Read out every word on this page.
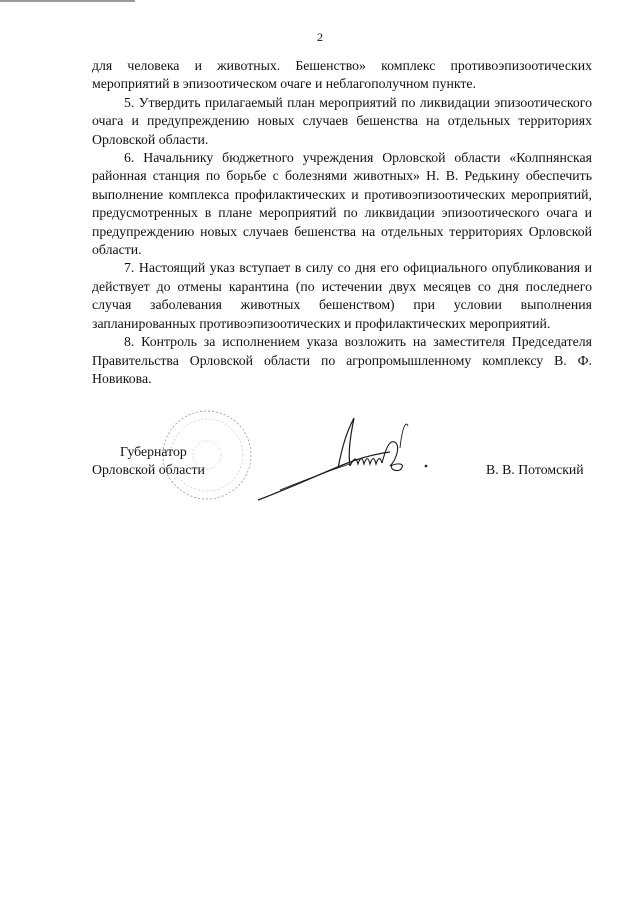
2

для человека и животных. Бешенство» комплекс противоэпизоотических мероприятий в эпизоотическом очаге и неблагополучном пункте.

5. Утвердить прилагаемый план мероприятий по ликвидации эпизоотического очага и предупреждению новых случаев бешенства на отдельных территориях Орловской области.

6. Начальнику бюджетного учреждения Орловской области «Колпнянская районная станция по борьбе с болезнями животных» Н. В. Редькину обеспечить выполнение комплекса профилактических и противоэпизоотических мероприятий, предусмотренных в плане мероприятий по ликвидации эпизоотического очага и предупреждению новых случаев бешенства на отдельных территориях Орловской области.

7. Настоящий указ вступает в силу со дня его официального опубликования и действует до отмены карантина (по истечении двух месяцев со дня последнего случая заболевания животных бешенством) при условии выполнения запланированных противоэпизоотических и профилактических мероприятий.

8. Контроль за исполнением указа возложить на заместителя Председателя Правительства Орловской области по агропромышленному комплексу В. Ф. Новикова.

Губернатор
Орловской области	В. В. Потомский
